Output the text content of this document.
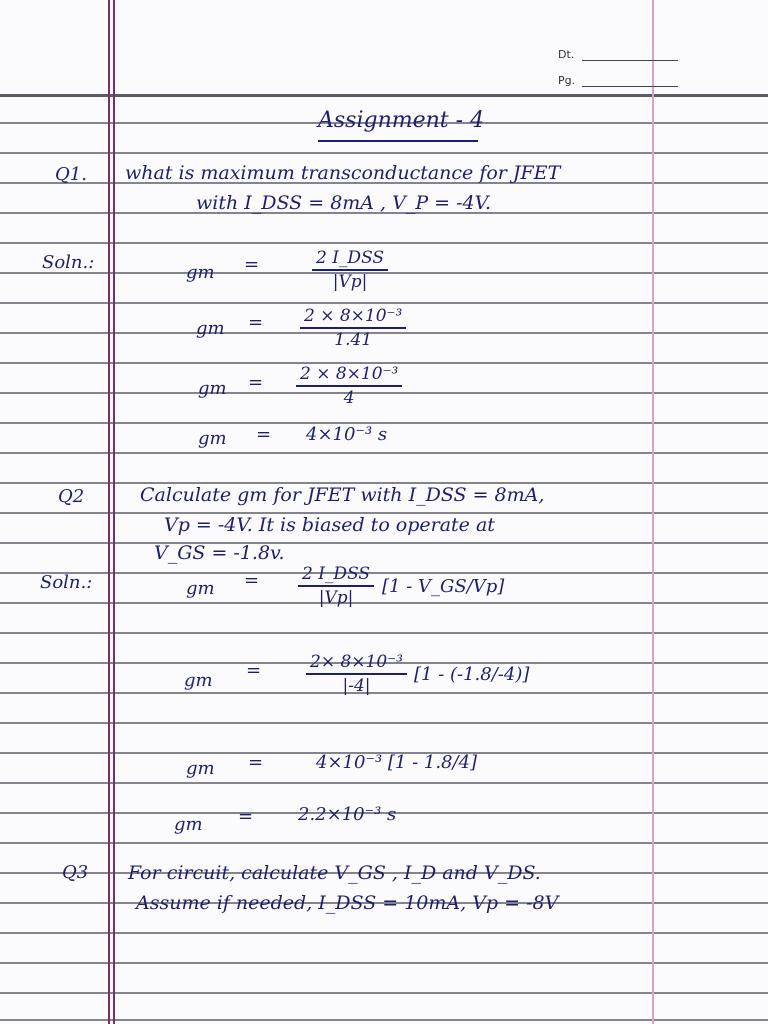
Dt.
Pg.
Assignment - 4
Q1. what is maximum transconductance for JFET
with I_DSS = 8mA , V_P = -4V.
Soln.:	gm =	2 I_DSS
|Vp|
gm = 2 × 8×10⁻³
1.41
gm = 2 × 8×10⁻³
4
gm = 4×10⁻³ s
Q2	Calculate gm for JFET with I_DSS = 8mA,
Vp = -4V. It is biased to operate at
V_GS = -1.8v.
Soln.:	gm =	2 I_DSS
|Vp|
[1 - V_GS/Vp]
gm =	2× 8×10⁻³
|-4|
[1 - (-1.8/-4)]
gm =	4×10⁻³ [1 - 1.8/4]
gm = 2.2×10⁻³ s
Q3 For circuit, calculate V_GS , I_D and V_DS.
Assume if needed, I_DSS = 10mA, Vp = -8V
